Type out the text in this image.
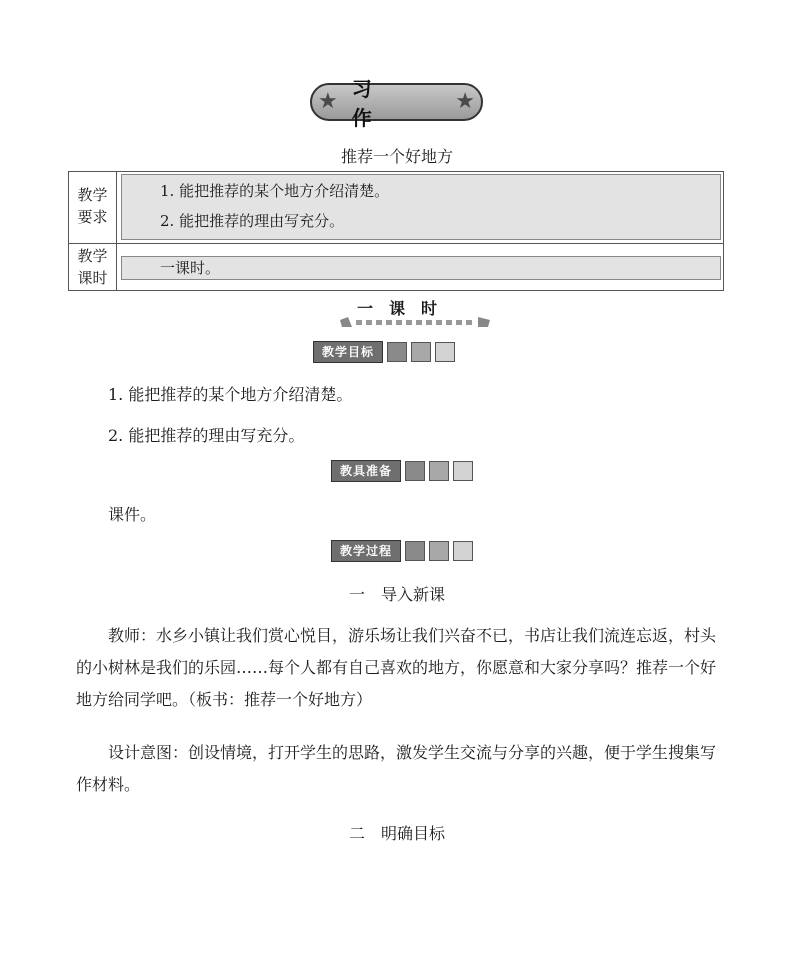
★ 习　作
★
推荐一个好地方
教学
要求

1. 能把推荐的某个地方介绍清楚。

2. 能把推荐的理由写充分。

教学
课时

一课时。

一课时
教学目标
1. 能把推荐的某个地方介绍清楚。
2. 能把推荐的理由写充分。
教具准备
课件。
教学过程
一　导入新课
教师：水乡小镇让我们赏心悦目，游乐场让我们兴奋不已，书店让我们流连忘返，村头的小树林是我们的乐园……每个人都有自己喜欢的地方，你愿意和大家分享吗？推荐一个好地方给同学吧。（板书：推荐一个好地方）
设计意图：创设情境，打开学生的思路，激发学生交流与分享的兴趣，便于学生搜集写作材料。
二　明确目标
